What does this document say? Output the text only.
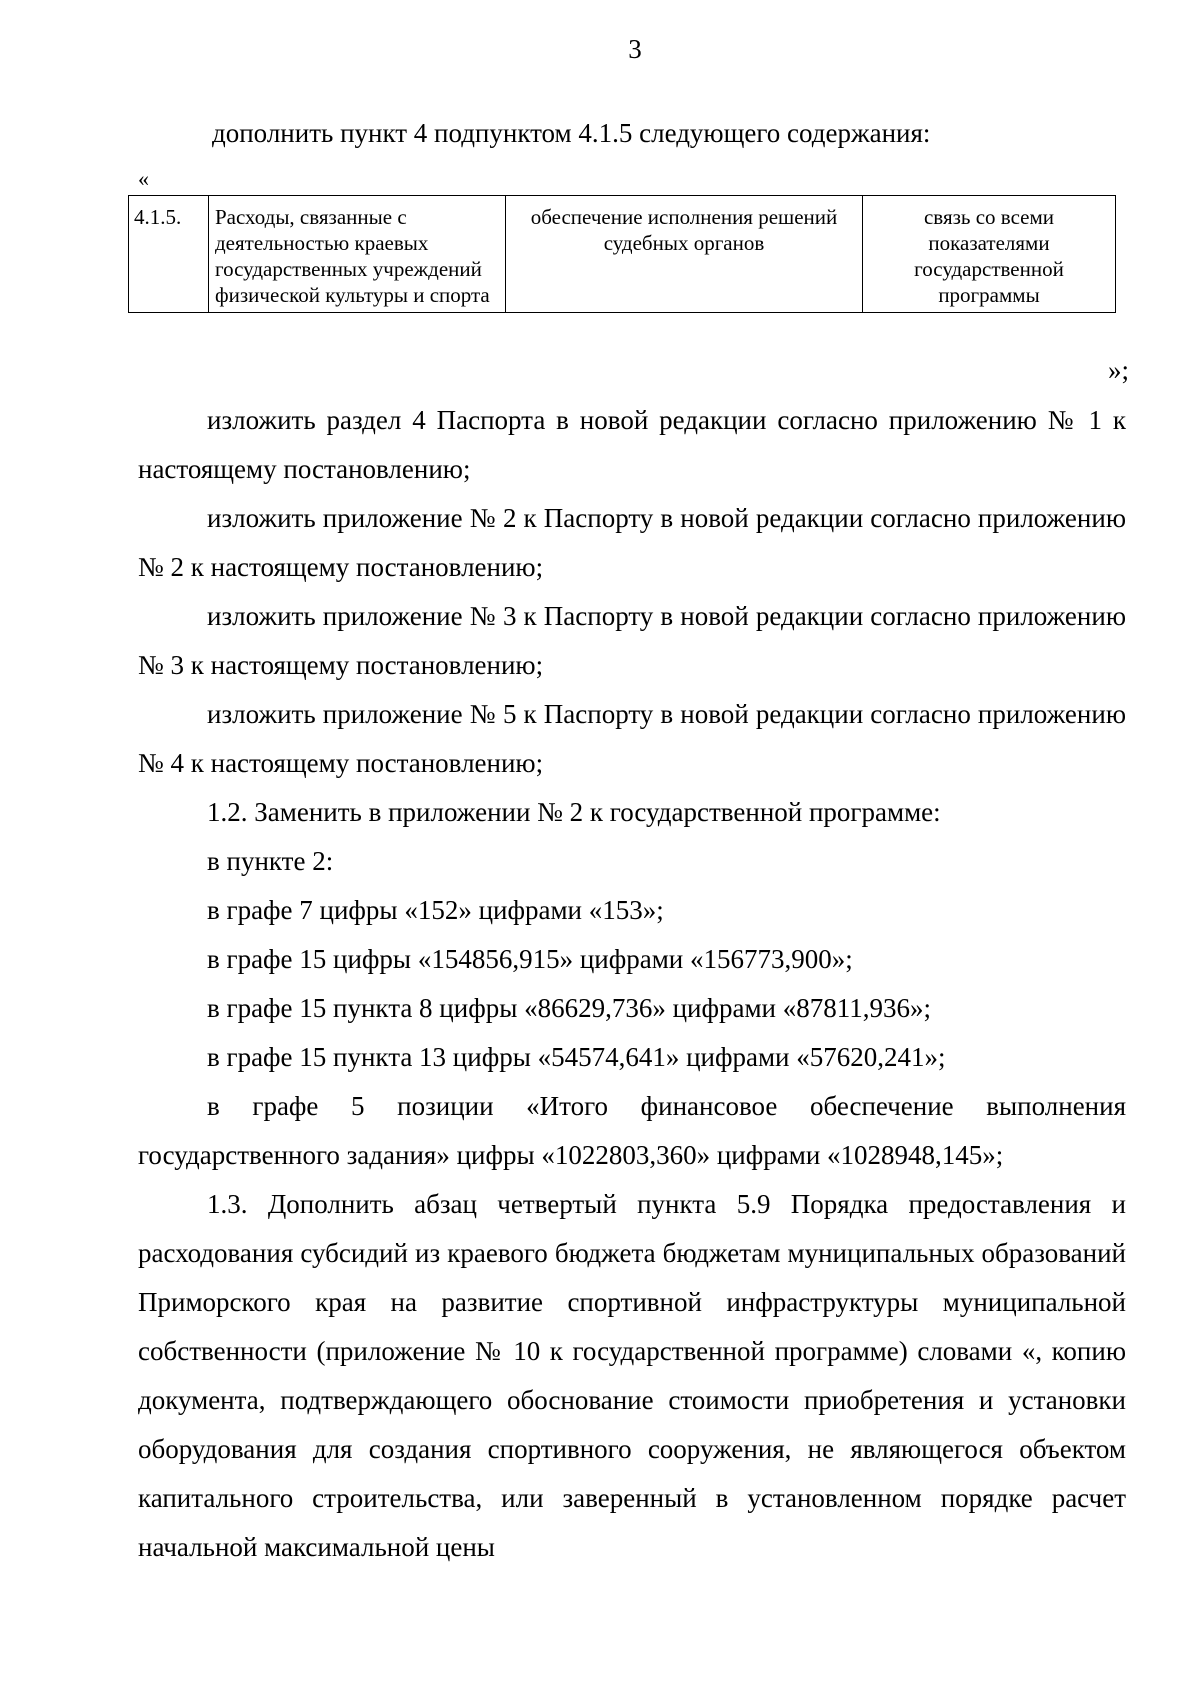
3
дополнить пункт 4 подпунктом 4.1.5 следующего содержания:
«
4.1.5.	Расходы, связанные с деятельностью краевых государственных учреждений физической культуры и спорта	обеспечение исполнения решений судебных органов	связь со всеми показателями государственной программы
»;

изложить раздел 4 Паспорта в новой редакции согласно приложению № 1 к настоящему постановлению;

изложить приложение № 2 к Паспорту в новой редакции согласно приложению № 2 к настоящему постановлению;

изложить приложение № 3 к Паспорту в новой редакции согласно приложению № 3 к настоящему постановлению;

изложить приложение № 5 к Паспорту в новой редакции согласно приложению № 4 к настоящему постановлению;

1.2. Заменить в приложении № 2 к государственной программе:

в пункте 2:

в графе 7 цифры «152» цифрами «153»;

в графе 15 цифры «154856,915» цифрами «156773,900»;

в графе 15 пункта 8 цифры «86629,736» цифрами «87811,936»;

в графе 15 пункта 13 цифры «54574,641» цифрами «57620,241»;

в графе 5 позиции «Итого финансовое обеспечение выполнения государственного задания» цифры «1022803,360» цифрами «1028948,145»;

1.3. Дополнить абзац четвертый пункта 5.9 Порядка предоставления и расходования субсидий из краевого бюджета бюджетам муниципальных образований Приморского края на развитие спортивной инфраструктуры муниципальной собственности (приложение № 10 к государственной программе) словами «, копию документа, подтверждающего обоснование стоимости приобретения и установки оборудования для создания спортивного сооружения, не являющегося объектом капитального строительства, или заверенный в установленном порядке расчет начальной максимальной цены
